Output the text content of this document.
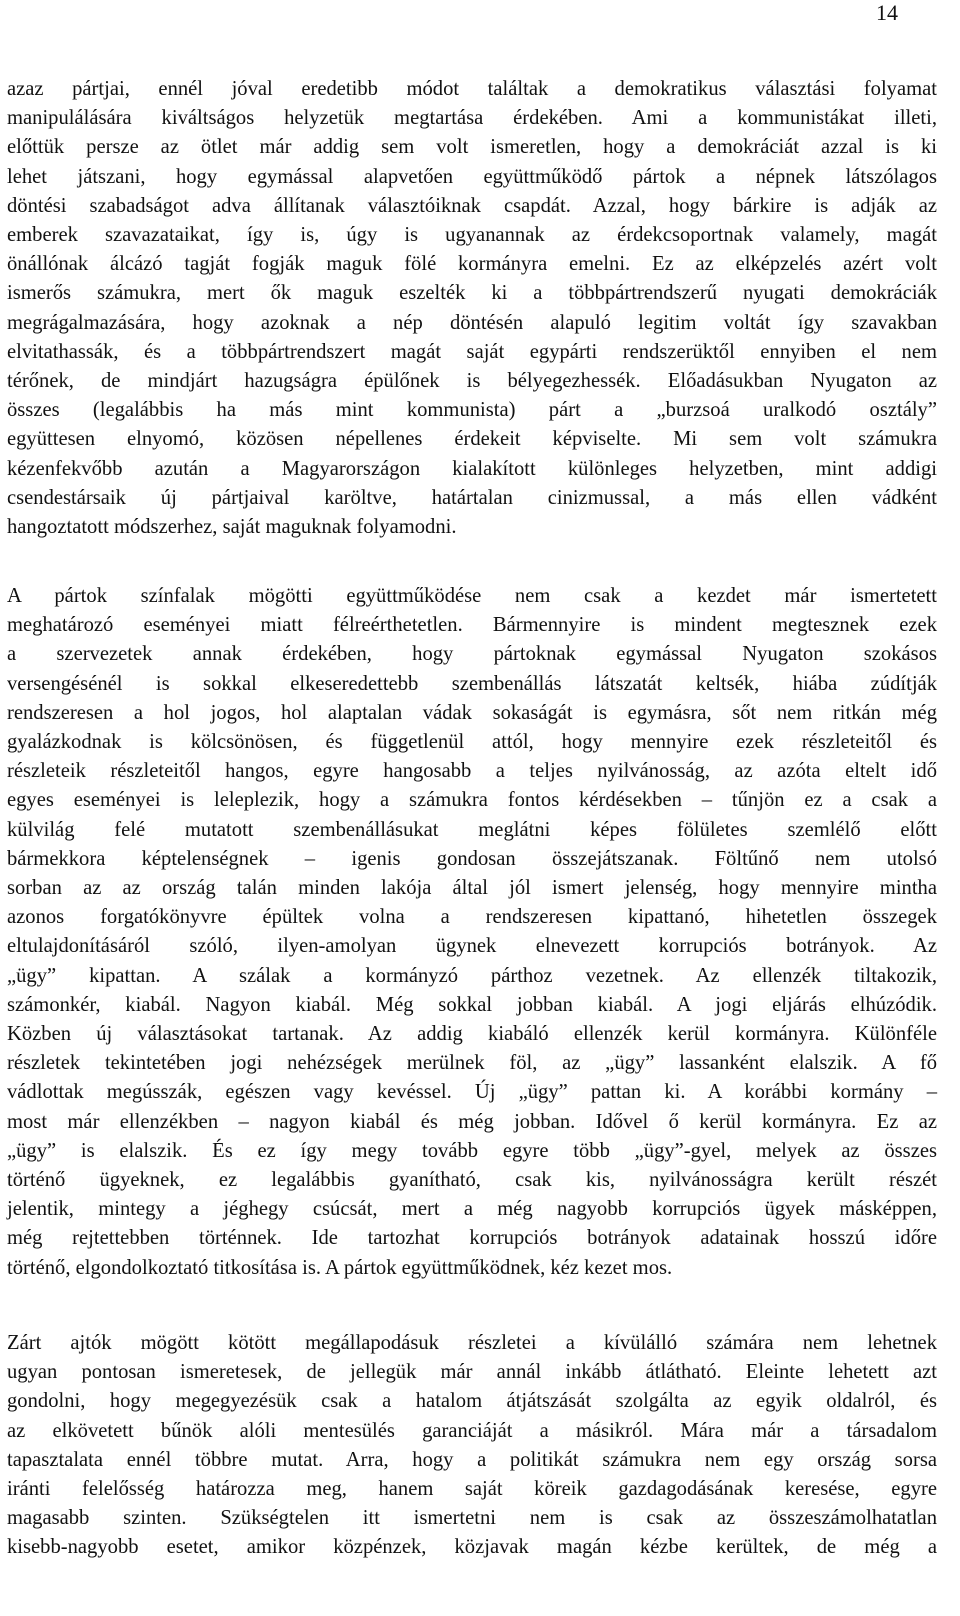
14
azaz pártjai, ennél jóval eredetibb módot találtak a demokratikus választási folyamat
manipulálására kiváltságos helyzetük megtartása érdekében. Ami a kommunistákat illeti,
előttük persze az ötlet már addig sem volt ismeretlen, hogy a demokráciát azzal is ki
lehet játszani, hogy egymással alapvetően együttműködő pártok a népnek látszólagos
döntési szabadságot adva állítanak választóiknak csapdát. Azzal, hogy bárkire is adják az
emberek szavazataikat, így is, úgy is ugyanannak az érdekcsoportnak valamely, magát
önállónak álcázó tagját fogják maguk fölé kormányra emelni. Ez az elképzelés azért volt
ismerős számukra, mert ők maguk eszelték ki a többpártrendszerű nyugati demokráciák
megrágalmazására, hogy azoknak a nép döntésén alapuló legitim voltát így szavakban
elvitathassák, és a többpártrendszert magát saját egypárti rendszerüktől ennyiben el nem
térőnek, de mindjárt hazugságra épülőnek is bélyegezhessék. Előadásukban Nyugaton az
összes (legalábbis ha más mint kommunista) párt a „burzsoá uralkodó osztály”
együttesen elnyomó, közösen népellenes érdekeit képviselte. Mi sem volt számukra
kézenfekvőbb azután a Magyarországon kialakított különleges helyzetben, mint addigi
csendestársaik új pártjaival karöltve, határtalan cinizmussal, a más ellen vádként
hangoztatott módszerhez, saját maguknak folyamodni.
A pártok színfalak mögötti együttműködése nem csak a kezdet már ismertetett
meghatározó eseményei miatt félreérthetetlen. Bármennyire is mindent megtesznek ezek
a szervezetek annak érdekében, hogy pártoknak egymással Nyugaton szokásos
versengésénél is sokkal elkeseredettebb szembenállás látszatát keltsék, hiába zúdítják
rendszeresen a hol jogos, hol alaptalan vádak sokaságát is egymásra, sőt nem ritkán még
gyalázkodnak is kölcsönösen, és függetlenül attól, hogy mennyire ezek részleteitől és
részleteik részleteitől hangos, egyre hangosabb a teljes nyilvánosság, az azóta eltelt idő
egyes eseményei is leleplezik, hogy a számukra fontos kérdésekben – tűnjön ez a csak a
külvilág felé mutatott szembenállásukat meglátni képes fölületes szemlélő előtt
bármekkora képtelenségnek – igenis gondosan összejátszanak. Föltűnő nem utolsó
sorban az az ország talán minden lakója által jól ismert jelenség, hogy mennyire mintha
azonos forgatókönyvre épültek volna a rendszeresen kipattanó, hihetetlen összegek
eltulajdonításáról szóló, ilyen-amolyan ügynek elnevezett korrupciós botrányok. Az
„ügy” kipattan. A szálak a kormányzó párthoz vezetnek. Az ellenzék tiltakozik,
számonkér, kiabál. Nagyon kiabál. Még sokkal jobban kiabál. A jogi eljárás elhúzódik.
Közben új választásokat tartanak. Az addig kiabáló ellenzék kerül kormányra. Különféle
részletek tekintetében jogi nehézségek merülnek föl, az „ügy” lassanként elalszik. A fő
vádlottak megússzák, egészen vagy kevéssel. Új „ügy” pattan ki. A korábbi kormány –
most már ellenzékben – nagyon kiabál és még jobban. Idővel ő kerül kormányra. Ez az
„ügy” is elalszik. És ez így megy tovább egyre több „ügy”-gyel, melyek az összes
történő ügyeknek, ez legalábbis gyanítható, csak kis, nyilvánosságra került részét
jelentik, mintegy a jéghegy csúcsát, mert a még nagyobb korrupciós ügyek másképpen,
még rejtettebben történnek. Ide tartozhat korrupciós botrányok adatainak hosszú időre
történő, elgondolkoztató titkosítása is. A pártok együttműködnek, kéz kezet mos.
Zárt ajtók mögött kötött megállapodásuk részletei a kívülálló számára nem lehetnek
ugyan pontosan ismeretesek, de jellegük már annál inkább átlátható. Eleinte lehetett azt
gondolni, hogy megegyezésük csak a hatalom átjátszását szolgálta az egyik oldalról, és
az elkövetett bűnök alóli mentesülés garanciáját a másikról. Mára már a társadalom
tapasztalata ennél többre mutat. Arra, hogy a politikát számukra nem egy ország sorsa
iránti felelősség határozza meg, hanem saját köreik gazdagodásának keresése, egyre
magasabb szinten. Szükségtelen itt ismertetni nem is csak az összeszámolhatatlan
kisebb-nagyobb esetet, amikor közpénzek, közjavak magán kézbe kerültek, de még a
